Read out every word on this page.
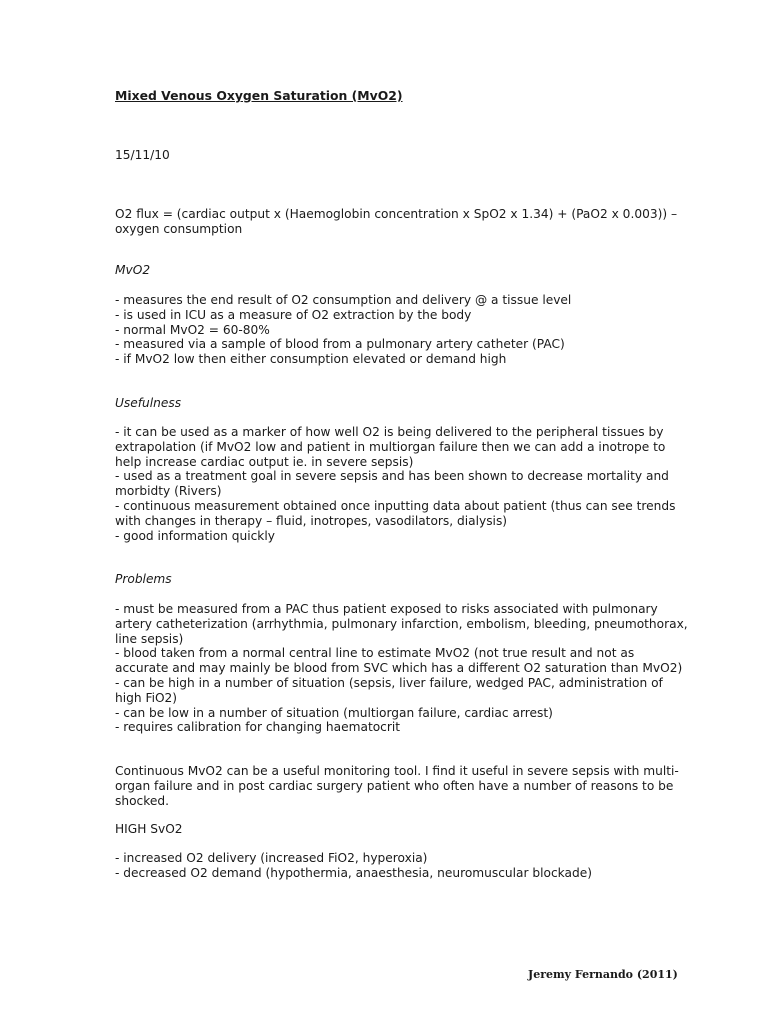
Mixed Venous Oxygen Saturation (MvO2)
15/11/10
O2 flux = (cardiac output x (Haemoglobin concentration x SpO2 x 1.34) + (PaO2 x 0.003)) –
oxygen consumption
MvO2
- measures the end result of O2 consumption and delivery @ a tissue level
- is used in ICU as a measure of O2 extraction by the body
- normal MvO2 = 60-80%
- measured via a sample of blood from a pulmonary artery catheter (PAC)
- if MvO2 low then either consumption elevated or demand high
Usefulness
- it can be used as a marker of how well O2 is being delivered to the peripheral tissues by
extrapolation (if MvO2 low and patient in multiorgan failure then we can add a inotrope to
help increase cardiac output ie. in severe sepsis)
- used as a treatment goal in severe sepsis and has been shown to decrease mortality and
morbidty (Rivers)
- continuous measurement obtained once inputting data about patient (thus can see trends
with changes in therapy – fluid, inotropes, vasodilators, dialysis)
- good information quickly
Problems
- must be measured from a PAC thus patient exposed to risks associated with pulmonary
artery catheterization (arrhythmia, pulmonary infarction, embolism, bleeding, pneumothorax,
line sepsis)
- blood taken from a normal central line to estimate MvO2 (not true result and not as
accurate and may mainly be blood from SVC which has a different O2 saturation than MvO2)
- can be high in a number of situation (sepsis, liver failure, wedged PAC, administration of
high FiO2)
- can be low in a number of situation (multiorgan failure, cardiac arrest)
- requires calibration for changing haematocrit
Continuous MvO2 can be a useful monitoring tool. I find it useful in severe sepsis with multi-
organ failure and in post cardiac surgery patient who often have a number of reasons to be
shocked.
HIGH SvO2
- increased O2 delivery (increased FiO2, hyperoxia)
- decreased O2 demand (hypothermia, anaesthesia, neuromuscular blockade)
Jeremy Fernando (2011)
